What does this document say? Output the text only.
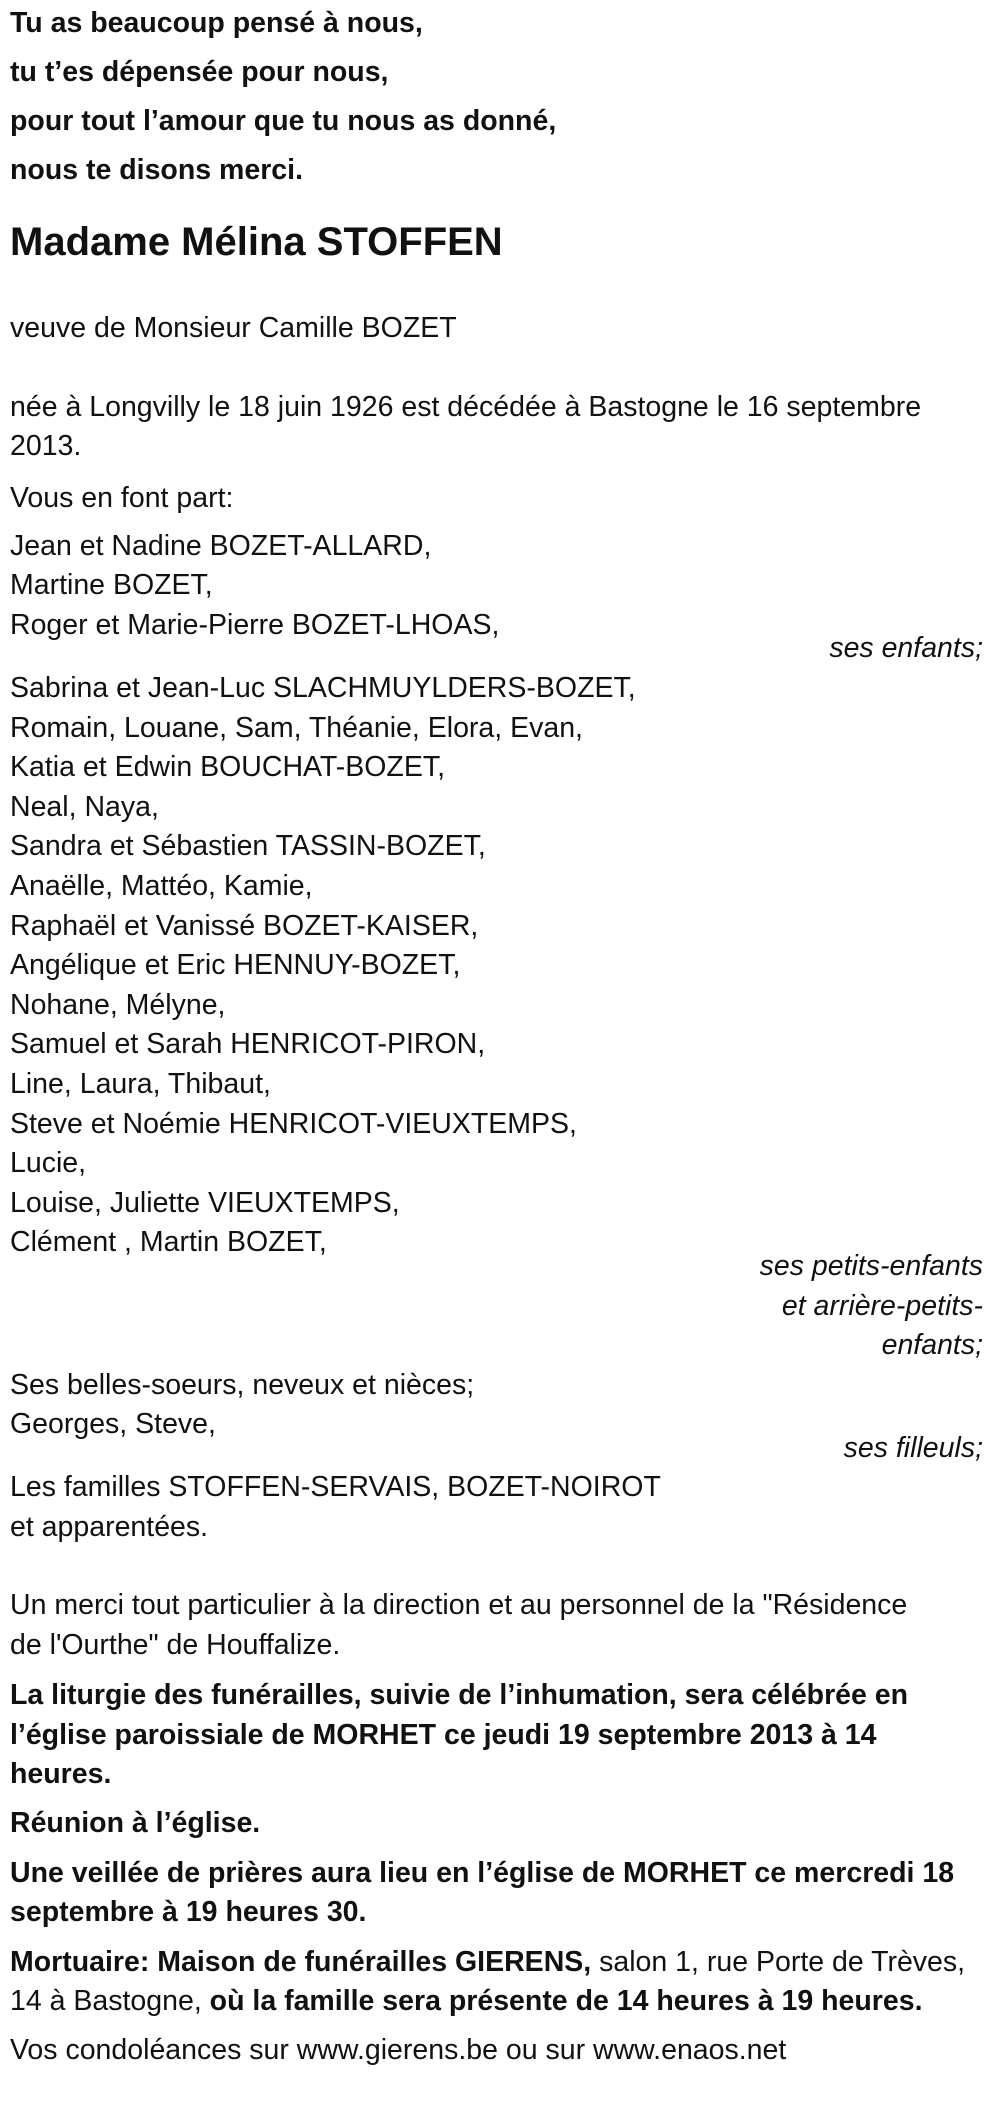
Tu as beaucoup pensé à nous,

tu t’es dépensée pour nous,

pour tout l’amour que tu nous as donné,

nous te disons merci.

Madame Mélina STOFFEN

veuve de Monsieur Camille BOZET

née à Longvilly le 18 juin 1926 est décédée à Bastogne le 16 septembre

2013.

Vous en font part:

Jean et Nadine BOZET-ALLARD,

Martine BOZET,

Roger et Marie-Pierre BOZET-LHOAS,

ses enfants;

Sabrina et Jean-Luc SLACHMUYLDERS-BOZET,

Romain, Louane, Sam, Théanie, Elora, Evan,

Katia et Edwin BOUCHAT-BOZET,

Neal, Naya,

Sandra et Sébastien TASSIN-BOZET,

Anaëlle, Mattéo, Kamie,

Raphaël et Vanissé BOZET-KAISER,

Angélique et Eric HENNUY-BOZET,

Nohane, Mélyne,

Samuel et Sarah HENRICOT-PIRON,

Line, Laura, Thibaut,

Steve et Noémie HENRICOT-VIEUXTEMPS,

Lucie,

Louise, Juliette VIEUXTEMPS,

Clément , Martin BOZET,

ses petits-enfants

et arrière-petits-

enfants;

Ses belles-soeurs, neveux et nièces;

Georges, Steve,

ses filleuls;

Les familles STOFFEN-SERVAIS, BOZET-NOIROT

et apparentées.

Un merci tout particulier à la direction et au personnel de la "Résidence

de l'Ourthe" de Houffalize.

La liturgie des funérailles, suivie de l’inhumation, sera célébrée en

l’église paroissiale de MORHET ce jeudi 19 septembre 2013 à 14

heures.

Réunion à l’église.

Une veillée de prières aura lieu en l’église de MORHET ce mercredi 18

septembre à 19 heures 30.

Mortuaire: Maison de funérailles GIERENS, salon 1, rue Porte de Trèves,

14 à Bastogne, où la famille sera présente de 14 heures à 19 heures.

Vos condoléances sur www.gierens.be ou sur www.enaos.net
